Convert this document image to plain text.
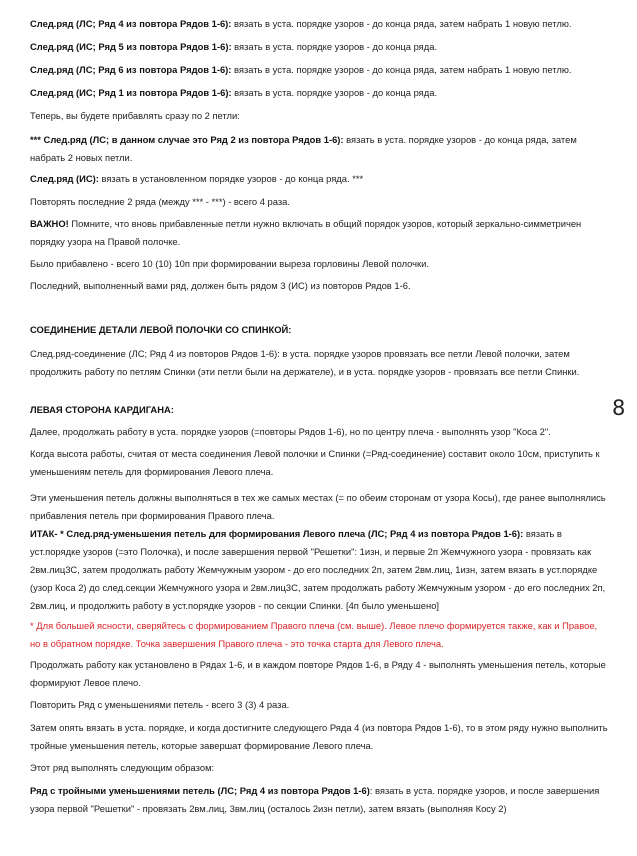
След.ряд (ЛС; Ряд 4 из повтора Рядов 1-6): вязать в уста. порядке узоров - до конца ряда, затем набрать 1 новую петлю.

След.ряд (ИС; Ряд 5 из повтора Рядов 1-6): вязать в уста. порядке узоров - до конца ряда.

След.ряд (ЛС; Ряд 6 из повтора Рядов 1-6): вязать в уста. порядке узоров - до конца ряда, затем набрать 1 новую петлю.

След.ряд (ИС; Ряд 1 из повтора Рядов 1-6): вязать в уста. порядке узоров - до конца ряда.

Теперь, вы будете прибавлять сразу по 2 петли:

*** След.ряд (ЛС; в данном случае это Ряд 2 из повтора Рядов 1-6): вязать в уста. порядке узоров - до конца ряда, затем набрать 2 новых петли.

След.ряд (ИС): вязать в установленном порядке узоров - до конца ряда. ***

Повторять последние 2 ряда (между *** - ***) - всего 4 раза.

ВАЖНО! Помните, что вновь прибавленные петли нужно включать в общий порядок узоров, который зеркально-симметричен порядку узора на Правой полочке.

Было прибавлено - всего 10 (10) 10п при формировании выреза горловины Левой полочки.

Последний, выполненный вами ряд, должен быть рядом 3 (ИС) из повторов Рядов 1-6.

СОЕДИНЕНИЕ ДЕТАЛИ ЛЕВОЙ ПОЛОЧКИ СО СПИНКОЙ:

След.ряд-соединение (ЛС; Ряд 4 из повторов Рядов 1-6): в уста. порядке узоров провязать все петли Левой полочки, затем продолжить работу по петлям Спинки (эти петли были на держателе), и в уста. порядке узоров - провязать все петли Спинки.

ЛЕВАЯ СТОРОНА КАРДИГАНА:

Далее, продолжать работу в уста. порядке узоров (=повторы Рядов 1-6), но по центру плеча - выполнять узор "Коса 2".

Когда высота работы, считая от места соединения Левой полочки и Спинки (=Ряд-соединение) составит около 10см, приступить к уменьшениям петель для формирования Левого плеча.

Эти уменьшения петель должны выполняться в тех же самых местах (= по обеим сторонам от узора Косы), где ранее выполнялись прибавления петель при формирования Правого плеча.

ИТАК- * След.ряд-уменьшения петель для формирования Левого плеча (ЛС; Ряд 4 из повтора Рядов 1-6): вязать в уст.порядке узоров (=это Полочка), и после завершения первой "Решетки": 1изн, и первые 2п Жемчужного узора - провязать как 2вм.лиц3С, затем продолжать работу Жемчужным узором - до его последних 2п, затем 2вм.лиц, 1изн, затем вязать в уст.порядке (узор Коса 2) до след.секции Жемчужного узора и 2вм.лиц3С, затем продолжать работу Жемчужным узором - до его последних 2п, 2вм.лиц, и продолжить работу в уст.порядке узоров - по секции Спинки. [4п было уменьшено]

* Для большей ясности, сверяйтесь с формированием Правого плеча (см. выше). Левое плечо формируется также, как и Правое, но в обратном порядке. Точка завершения Правого плеча - это точка старта для Левого плеча.

Продолжать работу как установлено в Рядах 1-6, и в каждом повторе Рядов 1-6, в Ряду 4 - выполнять уменьшения петель, которые формируют Левое плечо.

Повторить Ряд с уменьшениями петель - всего 3 (3) 4 раза.

Затем опять вязать в уста. порядке, и когда достигните следующего Ряда 4 (из повтора Рядов 1-6), то в этом ряду нужно выполнить тройные уменьшения петель, которые завершат формирование Левого плеча.

Этот ряд выполнять следующим образом:

Ряд с тройными уменьшениями петель (ЛС; Ряд 4 из повтора Рядов 1-6): вязать в уста. порядке узоров, и после завершения узора первой "Решетки" - провязать 2вм.лиц, 3вм.лиц (осталось 2изн петли), затем вязать (выполняя Косу 2)

8
